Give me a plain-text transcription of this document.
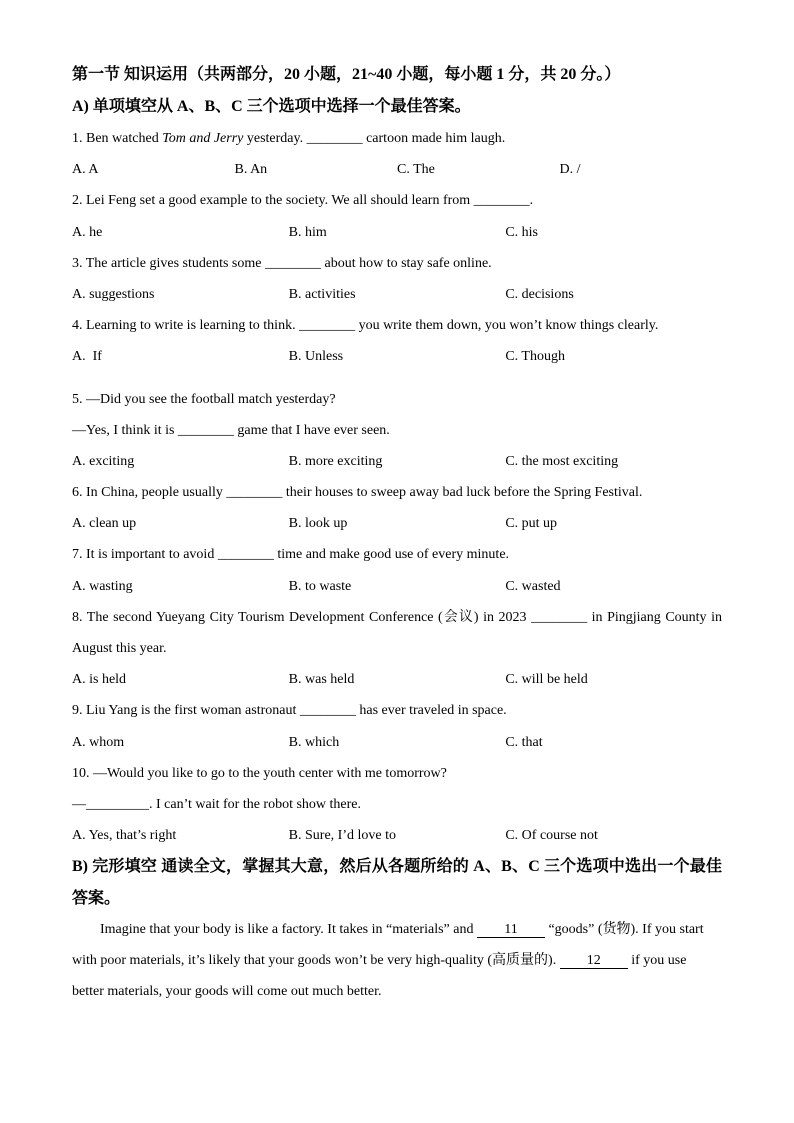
第一节 知识运用（共两部分，20 小题，21~40 小题，每小题 1 分，共 20 分。）
A) 单项填空从 A、B、C 三个选项中选择一个最佳答案。
1. Ben watched Tom and Jerry yesterday. ________ cartoon made him laugh.
A. A	B. An	C. The	D. /
2. Lei Feng set a good example to the society. We all should learn from ________.
A. he	B. him	C. his
3. The article gives students some ________ about how to stay safe online.
A. suggestions	B. activities	C. decisions
4. Learning to write is learning to think. ________ you write them down, you won’t know things clearly.
A.  If	B. Unless	C. Though
5. —Did you see the football match yesterday?
—Yes, I think it is ________ game that I have ever seen.
A. exciting	B. more exciting	C. the most exciting
6. In China, people usually ________ their houses to sweep away bad luck before the Spring Festival.
A. clean up	B. look up	C. put up
7. It is important to avoid ________ time and make good use of every minute.
A. wasting	B. to waste	C. wasted
8. The second Yueyang City Tourism Development Conference (会议) in 2023 ________ in Pingjiang County in August this year.
A. is held	B. was held	C. will be held
9. Liu Yang is the first woman astronaut ________ has ever traveled in space.
A. whom	B. which	C. that
10. —Would you like to go to the youth center with me tomorrow?
—_________. I can’t wait for the robot show there.
A. Yes, that’s right	B. Sure, I’d love to	C. Of course not
B) 完形填空 通读全文，掌握其大意，然后从各题所给的 A、B、C 三个选项中选出一个最佳
答案。
Imagine that your body is like a factory. It takes in “materials” and 11 “goods” (货物). If you start
with poor materials, it’s likely that your goods won’t be very high-quality (高质量的). 12 if you use
better materials, your goods will come out much better.
